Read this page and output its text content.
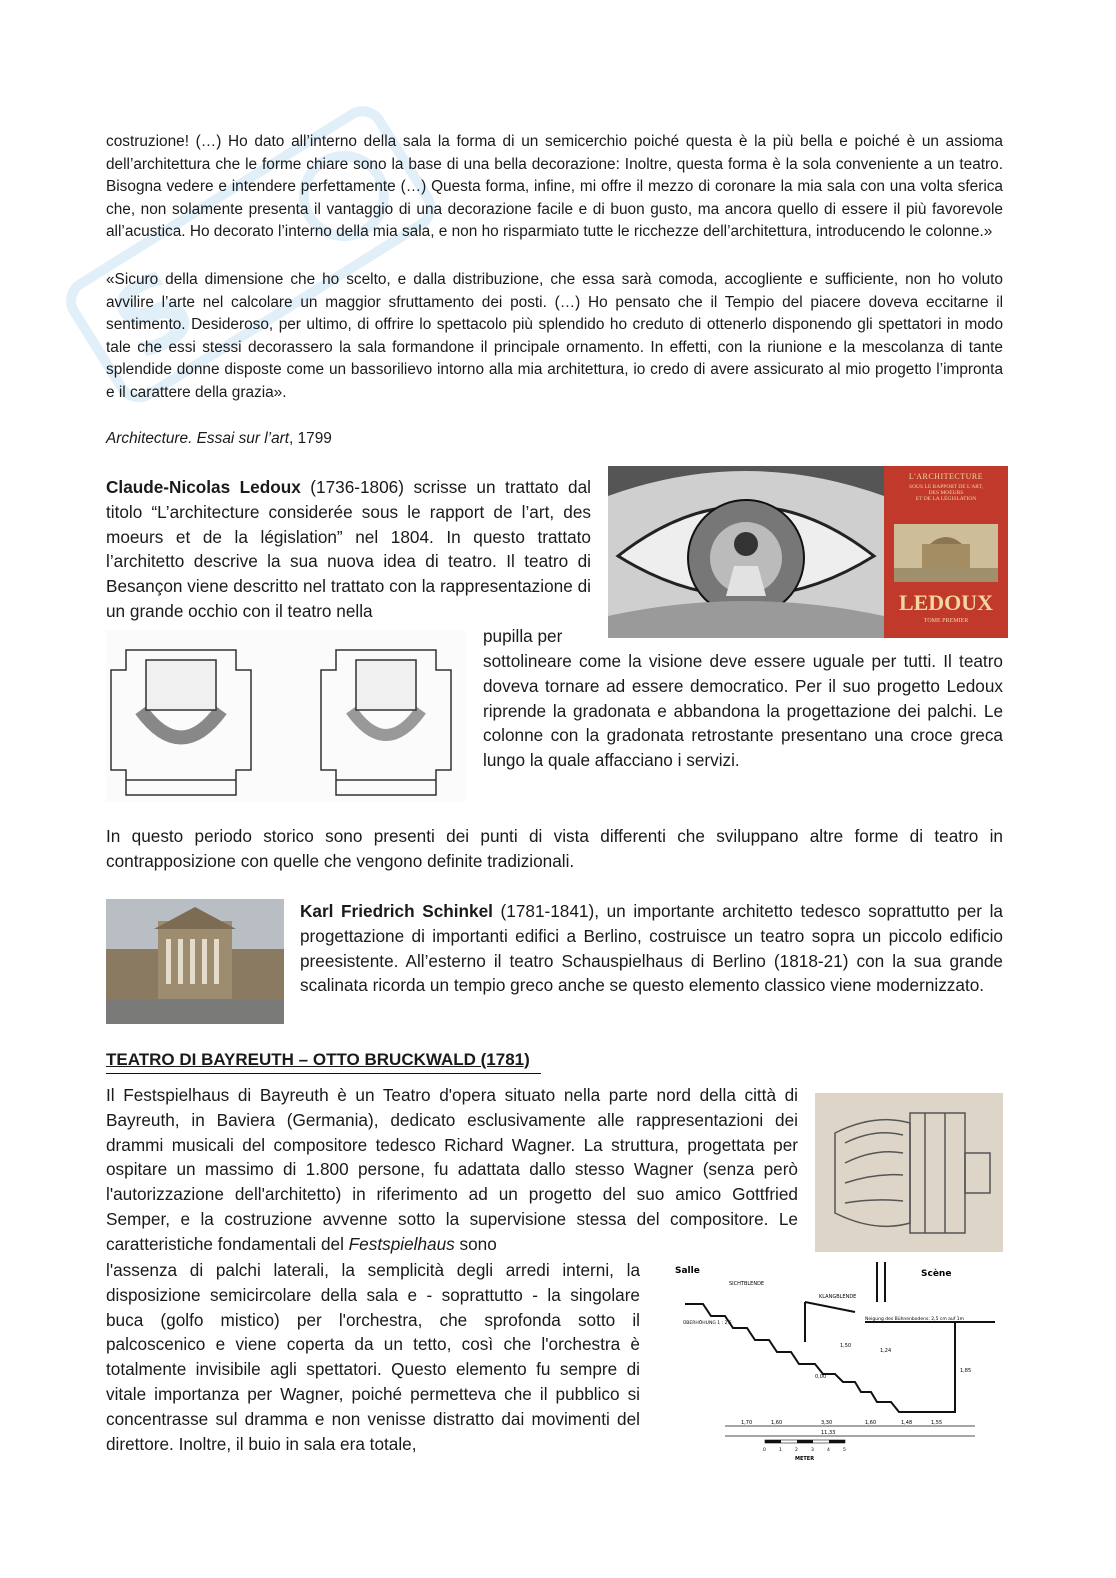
S

costruzione! (…) Ho dato all’interno della sala la forma di un semicerchio poiché questa è la più bella e poiché è un assioma dell’architettura che le forme chiare sono la base di una bella decorazione: Inoltre, questa forma è la sola conveniente a un teatro. Bisogna vedere e intendere perfettamente (…) Questa forma, infine, mi offre il mezzo di coronare la mia sala con una volta sferica che, non solamente presenta il vantaggio di una decorazione facile e di buon gusto, ma ancora quello di essere il più favorevole all’acustica. Ho decorato l’interno della mia sala, e non ho risparmiato tutte le ricchezze dell’architettura, introducendo le colonne.»

«Sicuro della dimensione che ho scelto, e dalla distribuzione, che essa sarà comoda, accogliente e sufficiente, non ho voluto avvilire l’arte nel calcolare un maggior sfruttamento dei posti. (…) Ho pensato che il Tempio del piacere doveva eccitarne il sentimento. Desideroso, per ultimo, di offrire lo spettacolo più splendido ho creduto di ottenerlo disponendo gli spettatori in modo tale che essi stessi decorassero la sala formandone il principale ornamento. In effetti, con la riunione e la mescolanza di tante splendide donne disposte come un bassorilievo intorno alla mia architettura, io credo di avere assicurato al mio progetto l’impronta e il carattere della grazia».

Architecture. Essai sur l’art, 1799

Claude-Nicolas Ledoux (1736-1806) scrisse un trattato dal titolo “L’architecture considerée sous le rapport de l’art, des moeurs et de la législation” nel 1804. In questo trattato l’architetto descrive la sua nuova idea di teatro. Il teatro di Besançon viene descritto nel trattato con la rappresentazione di un grande occhio con il teatro nella

pupilla per

sottolineare come la visione deve essere uguale per tutti. Il teatro doveva tornare ad essere democratico. Per il suo progetto Ledoux riprende la gradonata e abbandona la progettazione dei palchi. Le colonne con la gradonata retrostante presentano una croce greca lungo la quale affacciano i servizi.

L'ARCHITECTURE
SOUS LE RAPPORT DE L'ART,
DES MOEURS
ET DE LA LÉGISLATION
LEDOUX
TOME PREMIER

In questo periodo storico sono presenti dei punti di vista differenti che sviluppano altre forme di teatro in contrapposizione con quelle che vengono definite tradizionali.

Karl Friedrich Schinkel (1781-1841), un importante architetto tedesco soprattutto per la progettazione di importanti edifici a Berlino, costruisce un teatro sopra un piccolo edificio preesistente. All’esterno il teatro Schauspielhaus di Berlino (1818-21) con la sua grande scalinata ricorda un tempio greco anche se questo elemento classico viene modernizzato.

TEATRO DI BAYREUTH – OTTO BRUCKWALD (1781)

Il Festspielhaus di Bayreuth è un Teatro d'opera situato nella parte nord della città di Bayreuth, in Baviera (Germania), dedicato esclusivamente alle rappresentazioni dei drammi musicali del compositore tedesco Richard Wagner. La struttura, progettata per ospitare un massimo di 1.800 persone, fu adattata dallo stesso Wagner (senza però l'autorizzazione dell'architetto) in riferimento ad un progetto del suo amico Gottfried Semper, e la costruzione avvenne sotto la supervisione stessa del compositore. Le caratteristiche fondamentali del Festspielhaus sono

l'assenza di palchi laterali, la semplicità degli arredi interni, la disposizione semicircolare della sala e - soprattutto - la singolare buca (golfo mistico) per l'orchestra, che sprofonda sotto il palcoscenico e viene coperta da un tetto, così che l'orchestra è totalmente invisibile agli spettatori. Questo elemento fu sempre di vitale importanza per Wagner, poiché permetteva che il pubblico si concentrasse sul dramma e non venisse distratto dai movimenti del direttore. Inoltre, il buio in sala era totale,

Salle	Scène
SICHTBLENDE
KLANGBLENDE
Neigung des Bühnenbodens: 2,5 cm auf 1m
ÜBERHÖHUNG 1 : 2,5
1,50
1,85
1,24
0,00
1,70	1,60	3,30	1,60	1,48	1,55
11,33
0	1	2	3	4	5
METER
